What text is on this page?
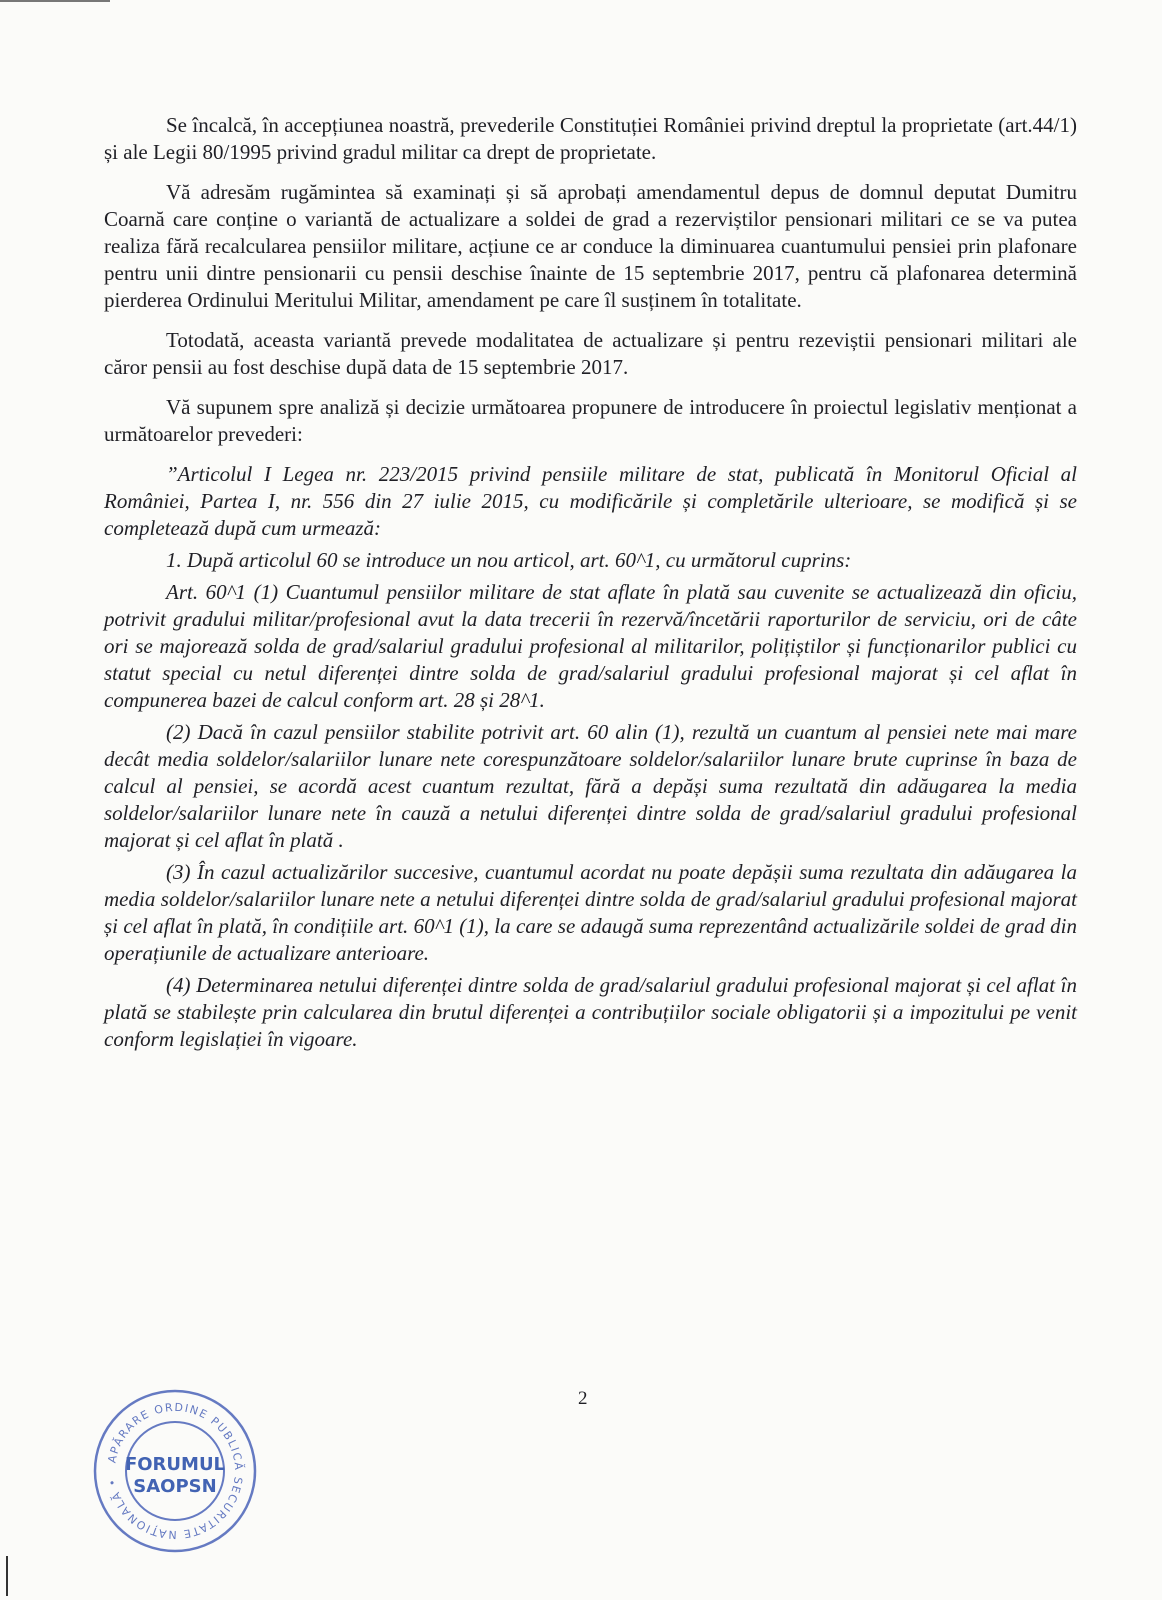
Se încalcă, în accepțiunea noastră, prevederile Constituției României privind dreptul la proprietate (art.44/1) și ale Legii 80/1995 privind gradul militar ca drept de proprietate.

Vă adresăm rugămintea să examinați și să aprobați amendamentul depus de domnul deputat Dumitru Coarnă care conține o variantă de actualizare a soldei de grad a rezerviștilor pensionari militari ce se va putea realiza fără recalcularea pensiilor militare, acțiune ce ar conduce la diminuarea cuantumului pensiei prin plafonare pentru unii dintre pensionarii cu pensii deschise înainte de 15 septembrie 2017, pentru că plafonarea determină pierderea Ordinului Meritului Militar, amendament pe care îl susținem în totalitate.

Totodată, aceasta variantă prevede modalitatea de actualizare și pentru rezeviștii pensionari militari ale căror pensii au fost deschise după data de 15 septembrie 2017.

Vă supunem spre analiză și decizie următoarea propunere de introducere în proiectul legislativ menționat a următoarelor prevederi:

”Articolul I Legea nr. 223/2015 privind pensiile militare de stat, publicată în Monitorul Oficial al României, Partea I, nr. 556 din 27 iulie 2015, cu modificările și completările ulterioare, se modifică și se completează după cum urmează:

1. După articolul 60 se introduce un nou articol, art. 60^1, cu următorul cuprins:

Art. 60^1 (1) Cuantumul pensiilor militare de stat aflate în plată sau cuvenite se actualizează din oficiu, potrivit gradului militar/profesional avut la data trecerii în rezervă/încetării raporturilor de serviciu, ori de câte ori se majorează solda de grad/salariul gradului profesional al militarilor, polițiștilor și funcționarilor publici cu statut special cu netul diferenței dintre solda de grad/salariul gradului profesional majorat și cel aflat în compunerea bazei de calcul conform art. 28 și 28^1.

(2) Dacă în cazul pensiilor stabilite potrivit art. 60 alin (1), rezultă un cuantum al pensiei nete mai mare decât media soldelor/salariilor lunare nete corespunzătoare soldelor/salariilor lunare brute cuprinse în baza de calcul al pensiei, se acordă acest cuantum rezultat, fără a depăși suma rezultată din adăugarea la media soldelor/salariilor lunare nete în cauză a netului diferenței dintre solda de grad/salariul gradului profesional majorat și cel aflat în plată .

(3) În cazul actualizărilor succesive, cuantumul acordat nu poate depășii suma rezultata din adăugarea la media soldelor/salariilor lunare nete a netului diferenței dintre solda de grad/salariul gradului profesional majorat și cel aflat în plată, în condițiile art. 60^1 (1), la care se adaugă suma reprezentând actualizările soldei de grad din operațiunile de actualizare anterioare.

(4) Determinarea netului diferenței dintre solda de grad/salariul gradului profesional majorat și cel aflat în plată se stabilește prin calcularea din brutul diferenței a contribuțiilor sociale obligatorii și a impozitului pe venit conform legislației în vigoare.

2
APĂRARE ORDINE PUBLICĂ SECURITATE NAȚIONALĂ •
FORUMUL
SAOPSN
